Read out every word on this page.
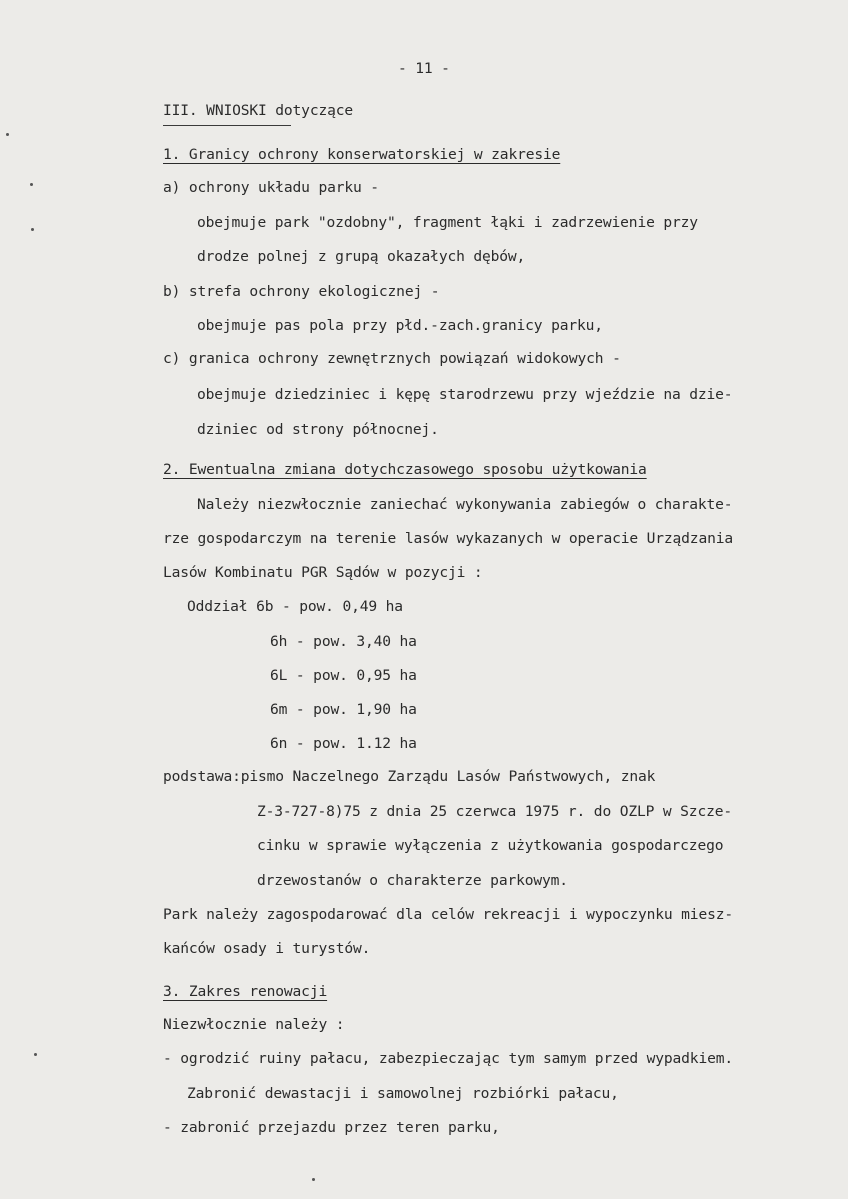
- 11 -
III. WNIOSKI dotyczące
1. Granicy ochrony konserwatorskiej w zakresie
a) ochrony układu parku -
obejmuje park "ozdobny", fragment łąki i zadrzewienie przy
drodze polnej z grupą okazałych dębów,
b) strefa ochrony ekologicznej -
obejmuje pas pola przy płd.-zach.granicy parku,
c) granica ochrony zewnętrznych powiązań widokowych -
obejmuje dziedziniec i kępę starodrzewu przy wjeździe na dzie-
dziniec od strony północnej.
2. Ewentualna zmiana dotychczasowego sposobu użytkowania
Należy niezwłocznie zaniechać wykonywania zabiegów o charakte-
rze gospodarczym na terenie lasów wykazanych w operacie Urządzania
Lasów Kombinatu PGR Sądów w pozycji :
Oddział 6b - pow. 0,49 ha
6h - pow. 3,40 ha
6L - pow. 0,95 ha
6m - pow. 1,90 ha
6n - pow. 1.12 ha
podstawa:pismo Naczelnego Zarządu Lasów Państwowych, znak
Z-3-727-8)75 z dnia 25 czerwca 1975 r. do OZLP w Szcze-
cinku w sprawie wyłączenia z użytkowania gospodarczego
drzewostanów o charakterze parkowym.
Park należy zagospodarować dla celów rekreacji i wypoczynku miesz-
kańców osady i turystów.
3. Zakres renowacji
Niezwłocznie należy :
- ogrodzić ruiny pałacu, zabezpieczając tym samym przed wypadkiem.
Zabronić dewastacji i samowolnej rozbiórki pałacu,
- zabronić przejazdu przez teren parku,
